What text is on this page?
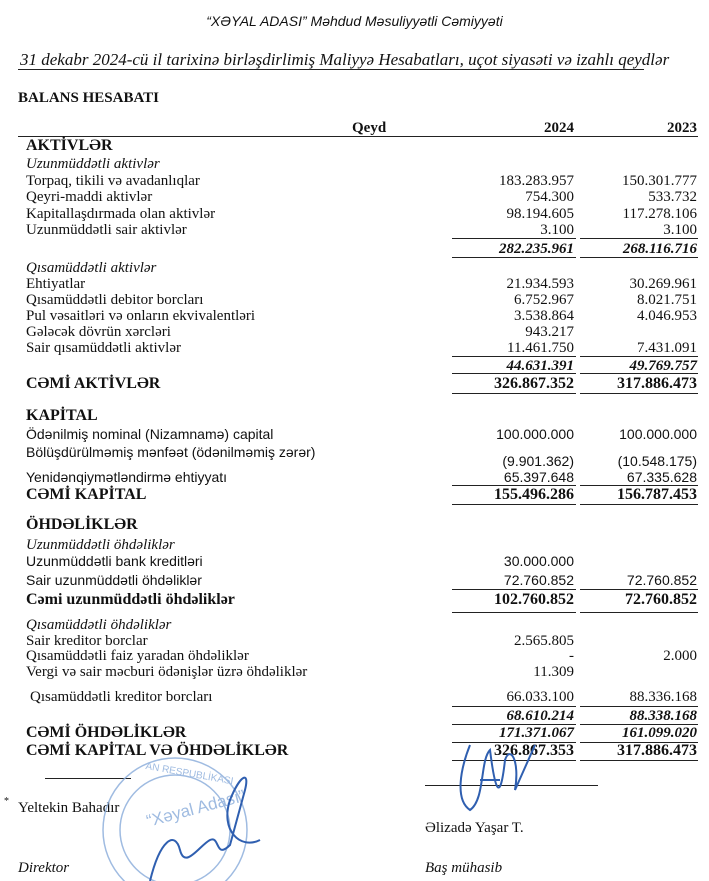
“XƏYAL ADASI” Məhdud Məsuliyyətli Cəmiyyəti
31 dekabr 2024-cü il tarixinə birləşdirlimiş Maliyyə Hesabatları, uçot siyasəti və izahlı qeydlər
BALANS HESABATI
Qeyd	2024	2023
AKTİVLƏR
Uzunmüddətli aktivlər
Torpaq, tikili və avadanlıqlar	183.283.957	150.301.777
Qeyri-maddi aktivlər	754.300	533.732
Kapitallaşdırmada olan aktivlər	98.194.605	117.278.106
Uzunmüddətli sair aktivlər	3.100	3.100
282.235.961	268.116.716
Qısamüddətli aktivlər
Ehtiyatlar	21.934.593	30.269.961
Qısamüddətli debitor borcları	6.752.967	8.021.751
Pul vəsaitləri və onların ekvivalentləri	3.538.864	4.046.953
Gələcək dövrün xərcləri	943.217
Sair qısamüddətli aktivlər	11.461.750	7.431.091
44.631.391	49.769.757
CƏMİ AKTİVLƏR	326.867.352	317.886.473
KAPİTAL
Ödənilmiş nominal (Nizamnamə) capital	100.000.000	100.000.000
Bölüşdürülməmiş mənfəət (ödənilməmiş zərər)
(9.901.362)	(10.548.175)
Yenidənqiymətləndirmə ehtiyyatı	65.397.648	67.335.628
CƏMİ KAPİTAL	155.496.286	156.787.453
ÖHDƏLİKLƏR
Uzunmüddətli öhdəliklər
Uzunmüddətli bank kreditləri	30.000.000
Sair uzunmüddətli öhdəliklər	72.760.852	72.760.852
Cəmi uzunmüddətli öhdəliklər	102.760.852	72.760.852
Qısamüddətli öhdəliklər
Sair kreditor borclar	2.565.805
Qısamüddətli faiz yaradan öhdəliklər	-	2.000
Vergi və sair məcburi ödənişlər üzrə öhdəliklər	11.309
Qısamüddətli kreditor borcları	66.033.100	88.336.168
68.610.214	88.338.168
CƏMİ ÖHDƏLİKLƏR	171.371.067	161.099.020
CƏMİ KAPİTAL VƏ ÖHDƏLİKLƏR	326.867.353	317.886.473
* Yeltekin Bahadır
Direktor
Əlizadə Yaşar T.
Baş mühasib
“Xəyal Adası”
AN RESPUBLİKASI
